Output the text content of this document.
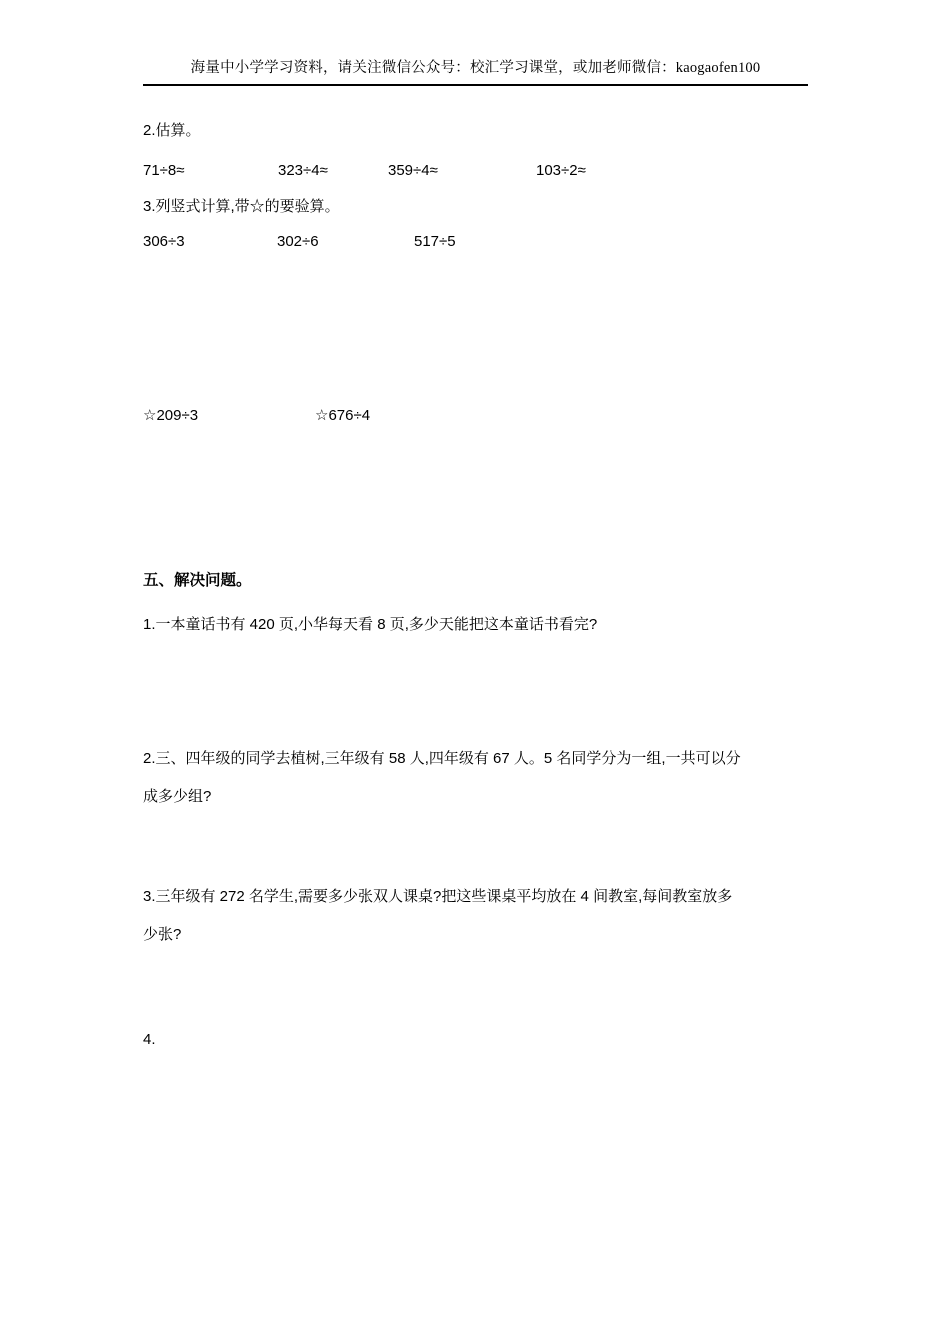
海量中小学学习资料，请关注微信公众号：校汇学习课堂，或加老师微信：kaogaofen100
2.估算。
71÷8≈	323÷4≈	359÷4≈	103÷2≈
3.列竖式计算,带☆的要验算。
306÷3	302÷6	517÷5
☆209÷3	☆676÷4
五、解决问题。
1.一本童话书有 420 页,小华每天看 8 页,多少天能把这本童话书看完?
2.三、四年级的同学去植树,三年级有 58 人,四年级有 67 人。5 名同学分为一组,一共可以分
成多少组?
3.三年级有 272 名学生,需要多少张双人课桌?把这些课桌平均放在 4 间教室,每间教室放多
少张?
4.
